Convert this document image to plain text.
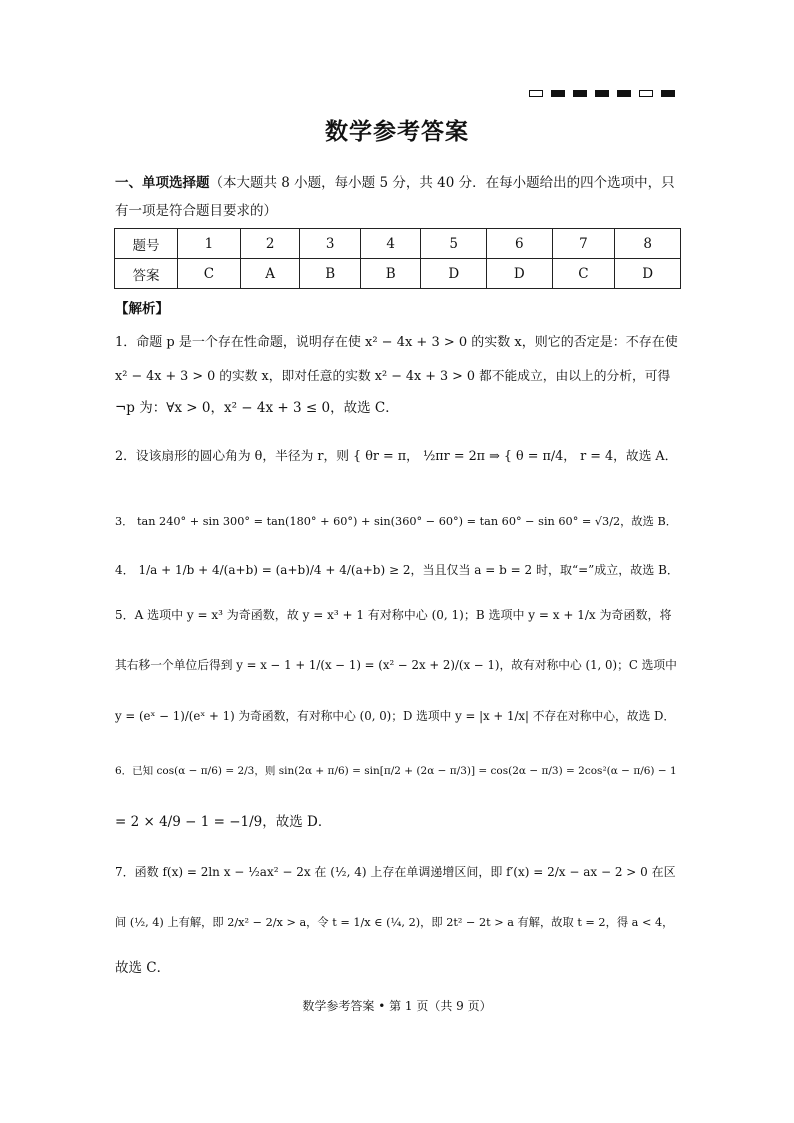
数学参考答案
一、单项选择题（本大题共 8 小题，每小题 5 分，共 40 分．在每小题给出的四个选项中，只
有一项是符合题目要求的）
题号	1	2	3	4	5	6	7	8
答案	C	A	B	B	D	D	C	D
【解析】
1．命题 p 是一个存在性命题，说明存在使 x² − 4x + 3 > 0 的实数 x，则它的否定是：不存在使
x² − 4x + 3 > 0 的实数 x，即对任意的实数 x² − 4x + 3 > 0 都不能成立，由以上的分析，可得
¬p 为：∀x > 0，x² − 4x + 3 ≤ 0，故选 C．
2．设该扇形的圆心角为 θ，半径为 r，则 { θr = π， ½πr = 2π ⇒ { θ = π/4， r = 4，故选 A．
3． tan 240° + sin 300° = tan(180° + 60°) + sin(360° − 60°) = tan 60° − sin 60° = √3/2，故选 B．
4． 1/a + 1/b + 4/(a+b) = (a+b)/4 + 4/(a+b) ≥ 2，当且仅当 a = b = 2 时，取“=”成立，故选 B．
5．A 选项中 y = x³ 为奇函数，故 y = x³ + 1 有对称中心 (0, 1)；B 选项中 y = x + 1/x 为奇函数，将
其右移一个单位后得到 y = x − 1 + 1/(x − 1) = (x² − 2x + 2)/(x − 1)，故有对称中心 (1, 0)；C 选项中
y = (eˣ − 1)/(eˣ + 1) 为奇函数，有对称中心 (0, 0)；D 选项中 y = |x + 1/x| 不存在对称中心，故选 D．
6．已知 cos(α − π/6) = 2/3，则 sin(2α + π/6) = sin[π/2 + (2α − π/3)] = cos(2α − π/3) = 2cos²(α − π/6) − 1
= 2 × 4/9 − 1 = −1/9，故选 D．
7．函数 f(x) = 2ln x − ½ax² − 2x 在 (½, 4) 上存在单调递增区间，即 f′(x) = 2/x − ax − 2 > 0 在区
间 (½, 4) 上有解，即 2/x² − 2/x > a，令 t = 1/x ∈ (¼, 2)，即 2t² − 2t > a 有解，故取 t = 2，得 a < 4，
故选 C．
数学参考答案 • 第 1 页（共 9 页）
